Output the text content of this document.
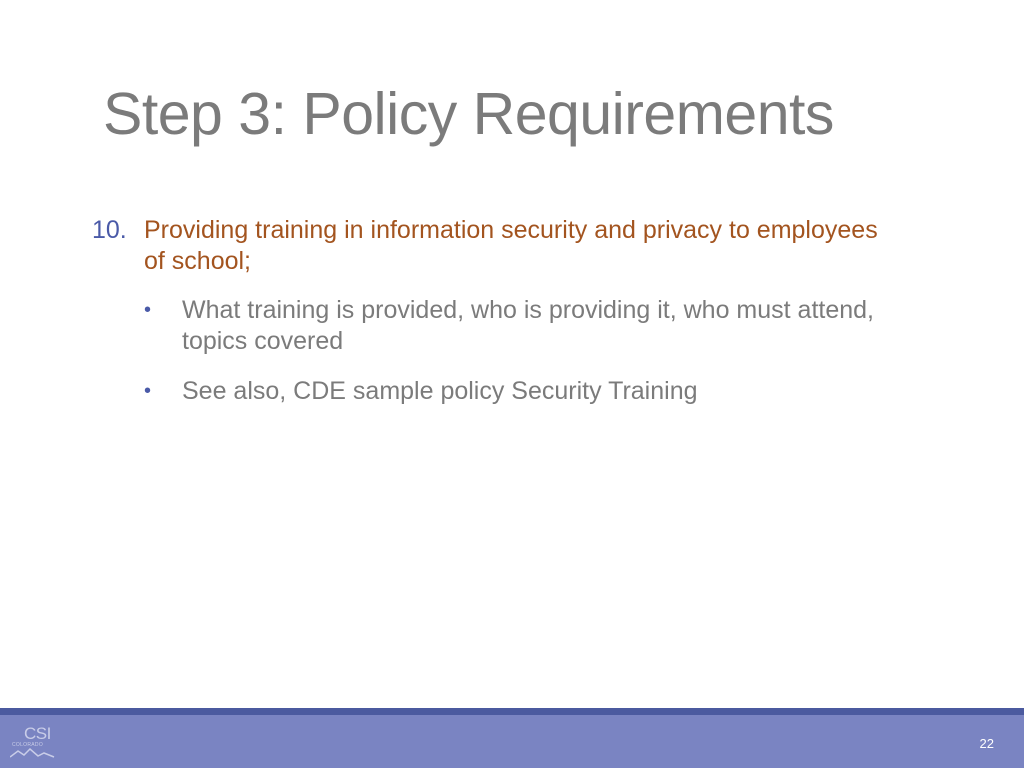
Step 3: Policy Requirements
10. Providing training in information security and privacy to employees of school;
• What training is provided, who is providing it, who must attend, topics covered
• See also, CDE sample policy Security Training
CSI
COLORADO	22
